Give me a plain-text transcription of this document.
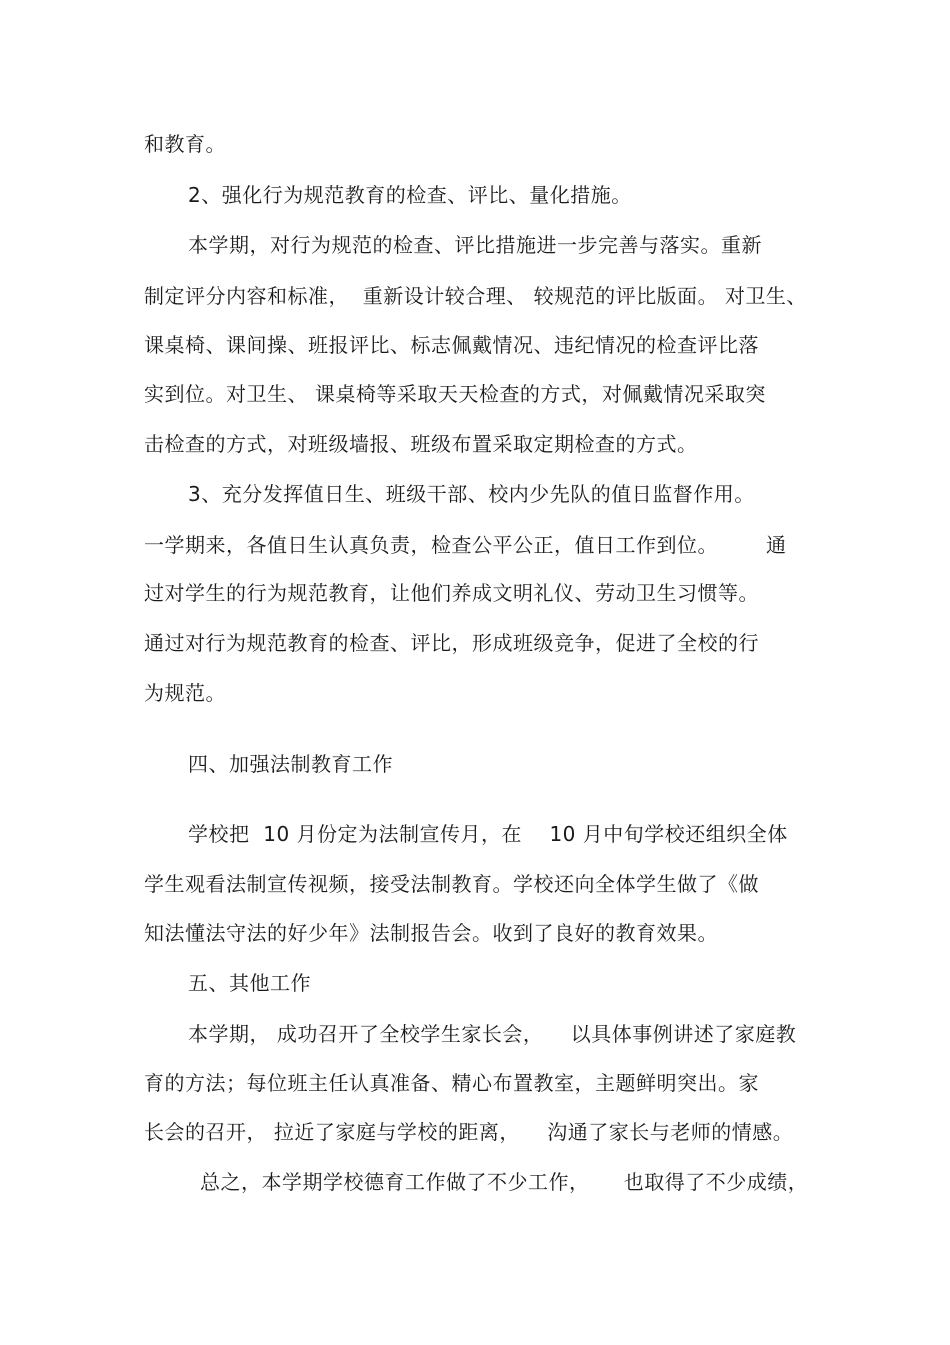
和教育。
2、强化行为规范教育的检查、评比、量化措施。
本学期，对行为规范的检查、评比措施进一步完善与落实。重新
制定评分内容和标准，  重新设计较合理、 较规范的评比版面。 对卫生、
课桌椅、课间操、班报评比、标志佩戴情况、违纪情况的检查评比落
实到位。对卫生、 课桌椅等采取天天检查的方式，对佩戴情况采取突
击检查的方式，对班级墙报、班级布置采取定期检查的方式。
3、充分发挥值日生、班级干部、校内少先队的值日监督作用。
一学期来，各值日生认真负责，检查公平公正，值日工作到位。       通
过对学生的行为规范教育，让他们养成文明礼仪、劳动卫生习惯等。
通过对行为规范教育的检查、评比，形成班级竞争，促进了全校的行
为规范。
四、加强法制教育工作
学校把  10 月份定为法制宣传月，在    10 月中旬学校还组织全体
学生观看法制宣传视频，接受法制教育。学校还向全体学生做了《做
知法懂法守法的好少年》法制报告会。收到了良好的教育效果。
五、其他工作
本学期， 成功召开了全校学生家长会，    以具体事例讲述了家庭教
育的方法；每位班主任认真准备、精心布置教室，主题鲜明突出。家
长会的召开， 拉近了家庭与学校的距离，    沟通了家长与老师的情感。
总之，本学期学校德育工作做了不少工作，     也取得了不少成绩，
